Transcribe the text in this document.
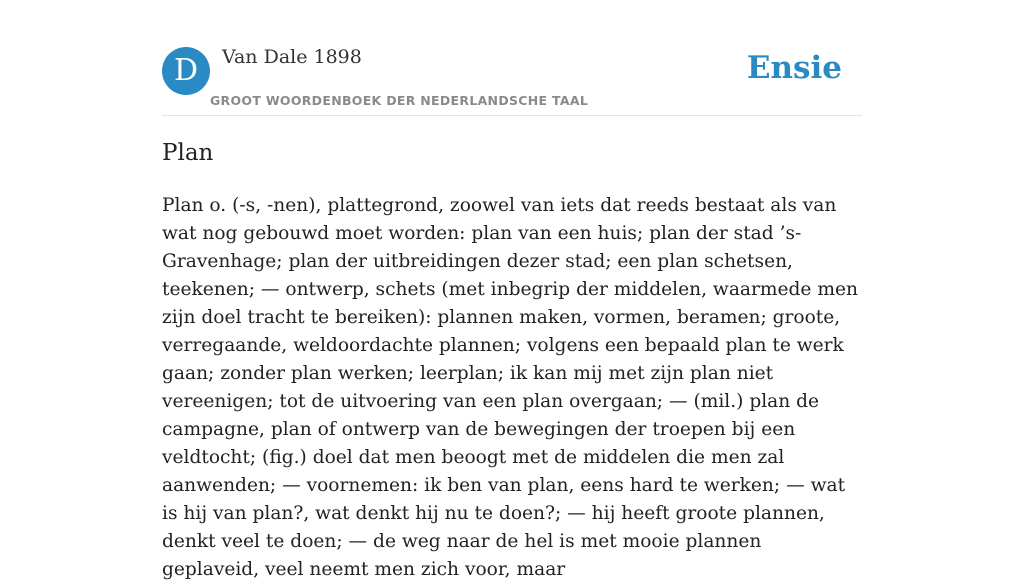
D	Van Dale 1898
GROOT WOORDENBOEK DER NEDERLANDSCHE TAAL
Ensie
Plan

Plan o. (-s, -nen), plattegrond, zoowel van iets dat reeds bestaat als van wat nog gebouwd moet worden: plan van een huis; plan der stad ’s-Gravenhage; plan der uitbreidingen dezer stad; een plan schetsen, teekenen; — ontwerp, schets (met inbegrip der middelen, waarmede men zijn doel tracht te bereiken): plannen maken, vormen, beramen; groote, verregaande, weldoordachte plannen; volgens een bepaald plan te werk gaan; zonder plan werken; leerplan; ik kan mij met zijn plan niet vereenigen; tot de uitvoering van een plan overgaan; — (mil.) plan de campagne, plan of ontwerp van de bewegingen der troepen bij een veldtocht; (fig.) doel dat men beoogt met de middelen die men zal aanwenden; — voornemen: ik ben van plan, eens hard te werken; — wat is hij van plan?, wat denkt hij nu te doen?; — hij heeft groote plannen, denkt veel te doen; — de weg naar de hel is met mooie plannen geplaveid, veel neemt men zich voor, maar
